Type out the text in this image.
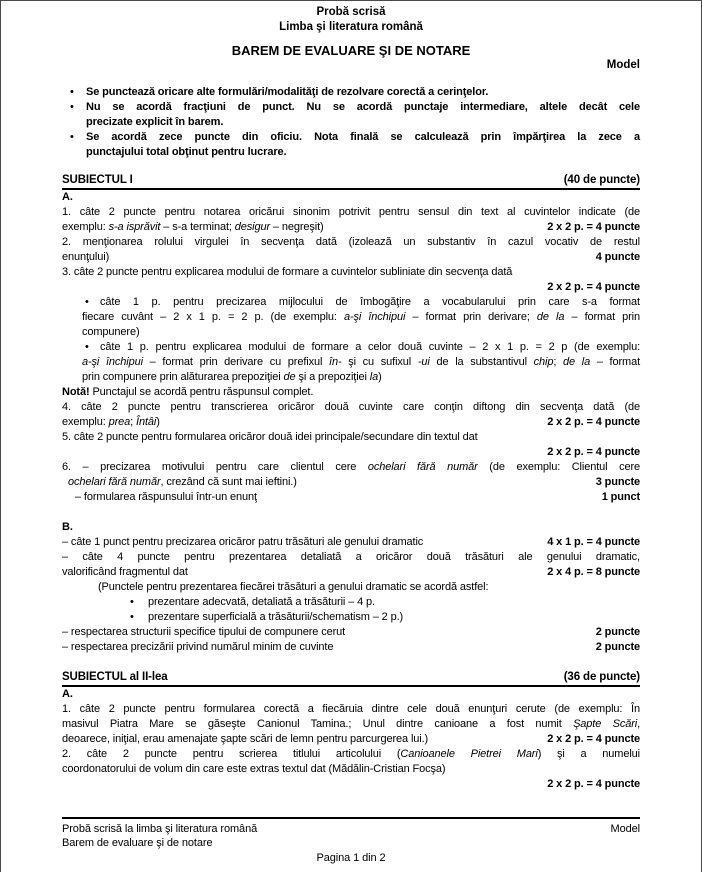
Probă scrisă
Limba şi literatura română
BAREM DE EVALUARE ŞI DE NOTARE
Model
• Se punctează oricare alte formulări/modalităţi de rezolvare corectă a cerinţelor.
• Nu se acordă fracţiuni de punct. Nu se acordă punctaje intermediare, altele decât cele
precizate explicit în barem.
• Se acordă zece puncte din oficiu. Nota finală se calculează prin împărţirea la zece a
punctajului total obţinut pentru lucrare.
SUBIECTUL I	(40 de puncte)
A.
1. câte 2 puncte pentru notarea oricărui sinonim potrivit pentru sensul din text al cuvintelor indicate (de
exemplu: s-a isprăvit – s-a terminat; desigur – negreşit)	2 x 2 p. = 4 puncte
2. menţionarea rolului virgulei în secvenţa dată (izolează un substantiv în cazul vocativ de restul
enunţului)	4 puncte
3. câte 2 puncte pentru explicarea modului de formare a cuvintelor subliniate din secvenţa dată
2 x 2 p. = 4 puncte
• câte 1 p. pentru precizarea mijlocului de îmbogăţire a vocabularului prin care s-a format
fiecare cuvânt – 2 x 1 p. = 2 p. (de exemplu: a-şi închipui – format prin derivare; de la – format prin
compunere)
• câte 1 p. pentru explicarea modului de formare a celor două cuvinte – 2 x 1 p. = 2 p (de exemplu:
a-şi închipui – format prin derivare cu prefixul în- şi cu sufixul -ui de la substantivul chip; de la – format
prin compunere prin alăturarea prepoziţiei de şi a prepoziţiei la)
Notă! Punctajul se acordă pentru răspunsul complet.
4. câte 2 puncte pentru transcrierea oricăror două cuvinte care conţin diftong din secvenţa dată (de
exemplu: prea; Întâi)	2 x 2 p. = 4 puncte
5. câte 2 puncte pentru formularea oricăror două idei principale/secundare din textul dat
2 x 2 p. = 4 puncte
6. – precizarea motivului pentru care clientul cere ochelari fără număr (de exemplu: Clientul cere
ochelari fără număr, crezând că sunt mai ieftini.)	3 puncte
– formularea răspunsului într-un enunţ	1 punct
B.
– câte 1 punct pentru precizarea oricăror patru trăsături ale genului dramatic	4 x 1 p. = 4 puncte
– câte 4 puncte pentru prezentarea detaliată a oricăror două trăsături ale genului dramatic,
valorificând fragmentul dat	2 x 4 p. = 8 puncte
(Punctele pentru prezentarea fiecărei trăsături a genului dramatic se acordă astfel:
• prezentare adecvată, detaliată a trăsăturii – 4 p.
• prezentare superficială a trăsăturii/schematism – 2 p.)
– respectarea structurii specifice tipului de compunere cerut	2 puncte
– respectarea precizării privind numărul minim de cuvinte	2 puncte
SUBIECTUL al II-lea	(36 de puncte)
A.
1. câte 2 puncte pentru formularea corectă a fiecăruia dintre cele două enunţuri cerute (de exemplu: În
masivul Piatra Mare se găseşte Canionul Tamina.; Unul dintre canioane a fost numit Şapte Scări,
deoarece, iniţial, erau amenajate şapte scări de lemn pentru parcurgerea lui.)	2 x 2 p. = 4 puncte
2. câte 2 puncte pentru scrierea titlului articolului (Canioanele Pietrei Mari) şi a numelui
coordonatorului de volum din care este extras textul dat (Mădălin-Cristian Focşa)
2 x 2 p. = 4 puncte
Probă scrisă la limba şi literatura română	Model
Barem de evaluare şi de notare
Pagina 1 din 2
